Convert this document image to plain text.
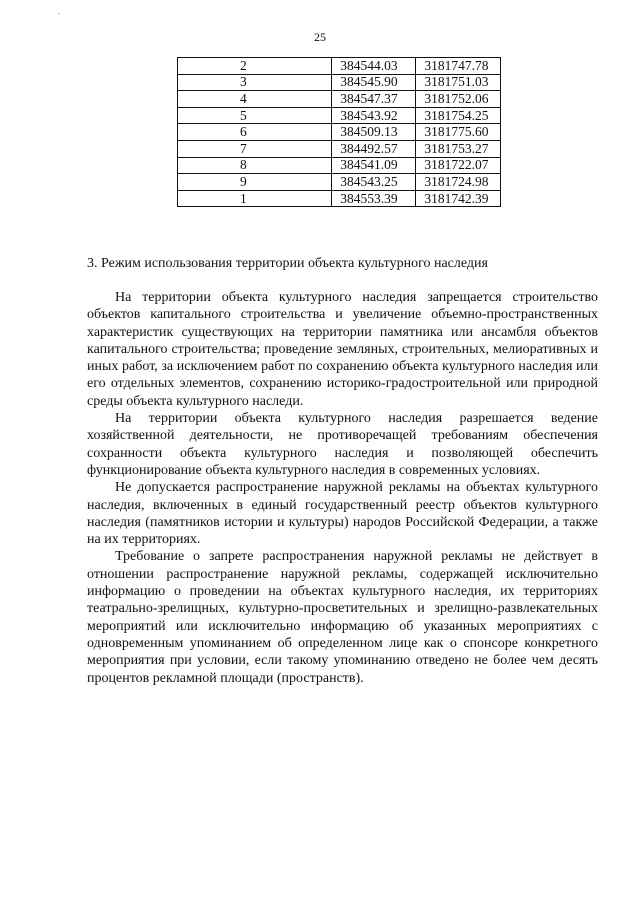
.
25
2	384544.03	3181747.78
3	384545.90	3181751.03
4	384547.37	3181752.06
5	384543.92	3181754.25
6	384509.13	3181775.60
7	384492.57	3181753.27
8	384541.09	3181722.07
9	384543.25	3181724.98
1	384553.39	3181742.39
3. Режим использования территории объекта культурного наследия

На территории объекта культурного наследия запрещается строительство объектов капитального строительства и увеличение объемно-пространственных характеристик существующих на территории памятника или ансамбля объектов капитального строительства; проведение земляных, строительных, мелиоративных и иных работ, за исключением работ по сохранению объекта культурного наследия или его отдельных элементов, сохранению историко-градостроительной или природной среды объекта культурного наследи.

На территории объекта культурного наследия разрешается ведение хозяйственной деятельности, не противоречащей требованиям обеспечения сохранности объекта культурного наследия и позволяющей обеспечить функционирование объекта культурного наследия в современных условиях.

Не допускается распространение наружной рекламы на объектах культурного наследия, включенных в единый государственный реестр объектов культурного наследия (памятников истории и культуры) народов Российской Федерации, а также на их территориях.

Требование о запрете распространения наружной рекламы не действует в отношении распространение наружной рекламы, содержащей исключительно информацию о проведении на объектах культурного наследия, их территориях театрально-зрелищных, культурно-просветительных и зрелищно-развлекательных мероприятий или исключительно информацию об указанных мероприятиях с одновременным упоминанием об определенном лице как о спонсоре конкретного мероприятия при условии, если такому упоминанию отведено не более чем десять процентов рекламной площади (пространств).
